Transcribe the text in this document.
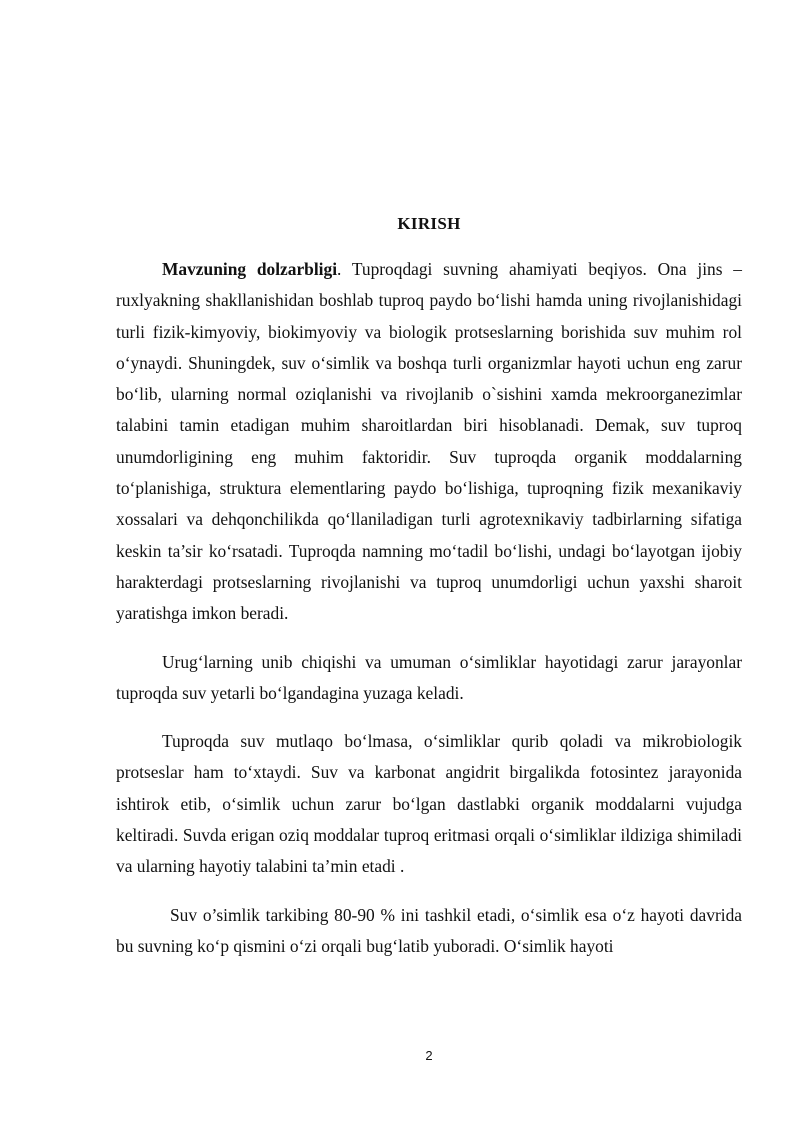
KIRISH

Mavzuning dolzarbligi. Tuproqdagi suvning ahamiyati beqiyos. Ona jins – ruxlyakning shakllanishidan boshlab tuproq paydo bo‘lishi hamda uning rivojlanishidagi turli fizik-kimyoviy, biokimyoviy va biologik protseslarning borishida suv muhim rol o‘ynaydi. Shuningdek, suv o‘simlik va boshqa turli organizmlar hayoti uchun eng zarur bo‘lib, ularning normal oziqlanishi va rivojlanib o`sishini xamda mekroorganezimlar talabini tamin etadigan muhim sharoitlardan biri hisoblanadi. Demak, suv tuproq unumdorligining eng muhim faktoridir. Suv tuproqda organik moddalarning to‘planishiga, struktura elementlaring paydo bo‘lishiga, tuproqning fizik mexanikaviy xossalari va dehqonchilikda qo‘llaniladigan turli agrotexnikaviy tadbirlarning sifatiga keskin ta’sir ko‘rsatadi. Tuproqda namning mo‘tadil bo‘lishi, undagi bo‘layotgan ijobiy harakterdagi protseslarning rivojlanishi va tuproq unumdorligi uchun yaxshi sharoit yaratishga imkon beradi.

Urug‘larning unib chiqishi va umuman o‘simliklar hayotidagi zarur jarayonlar tuproqda suv yetarli bo‘lgandagina yuzaga keladi.

Tuproqda suv mutlaqo bo‘lmasa, o‘simliklar qurib qoladi va mikrobiologik protseslar ham to‘xtaydi. Suv va karbonat angidrit birgalikda fotosintez jarayonida ishtirok etib, o‘simlik uchun zarur bo‘lgan dastlabki organik moddalarni vujudga keltiradi. Suvda erigan oziq moddalar tuproq eritmasi orqali o‘simliklar ildiziga shimiladi va ularning hayotiy talabini ta’min etadi .

Suv o’simlik tarkibing 80-90 % ini tashkil etadi, o‘simlik esa o‘z hayoti davrida bu suvning ko‘p qismini o‘zi orqali bug‘latib yuboradi. O‘simlik hayoti

2
